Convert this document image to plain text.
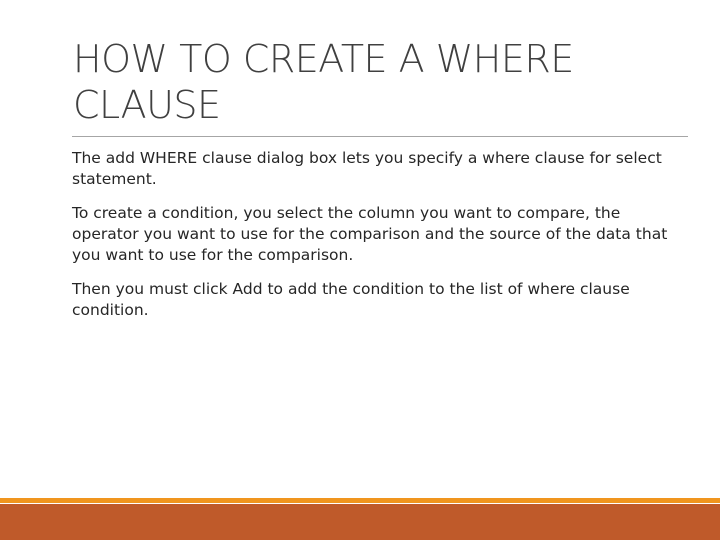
HOW TO CREATE A WHERE CLAUSE

The add WHERE clause dialog box lets you specify a where clause for select statement.

To create a condition, you select the column you want to compare, the operator you want to use for the comparison and the source of the data that you want to use for the comparison.

Then you must click Add to add the condition to the list of where clause condition.
